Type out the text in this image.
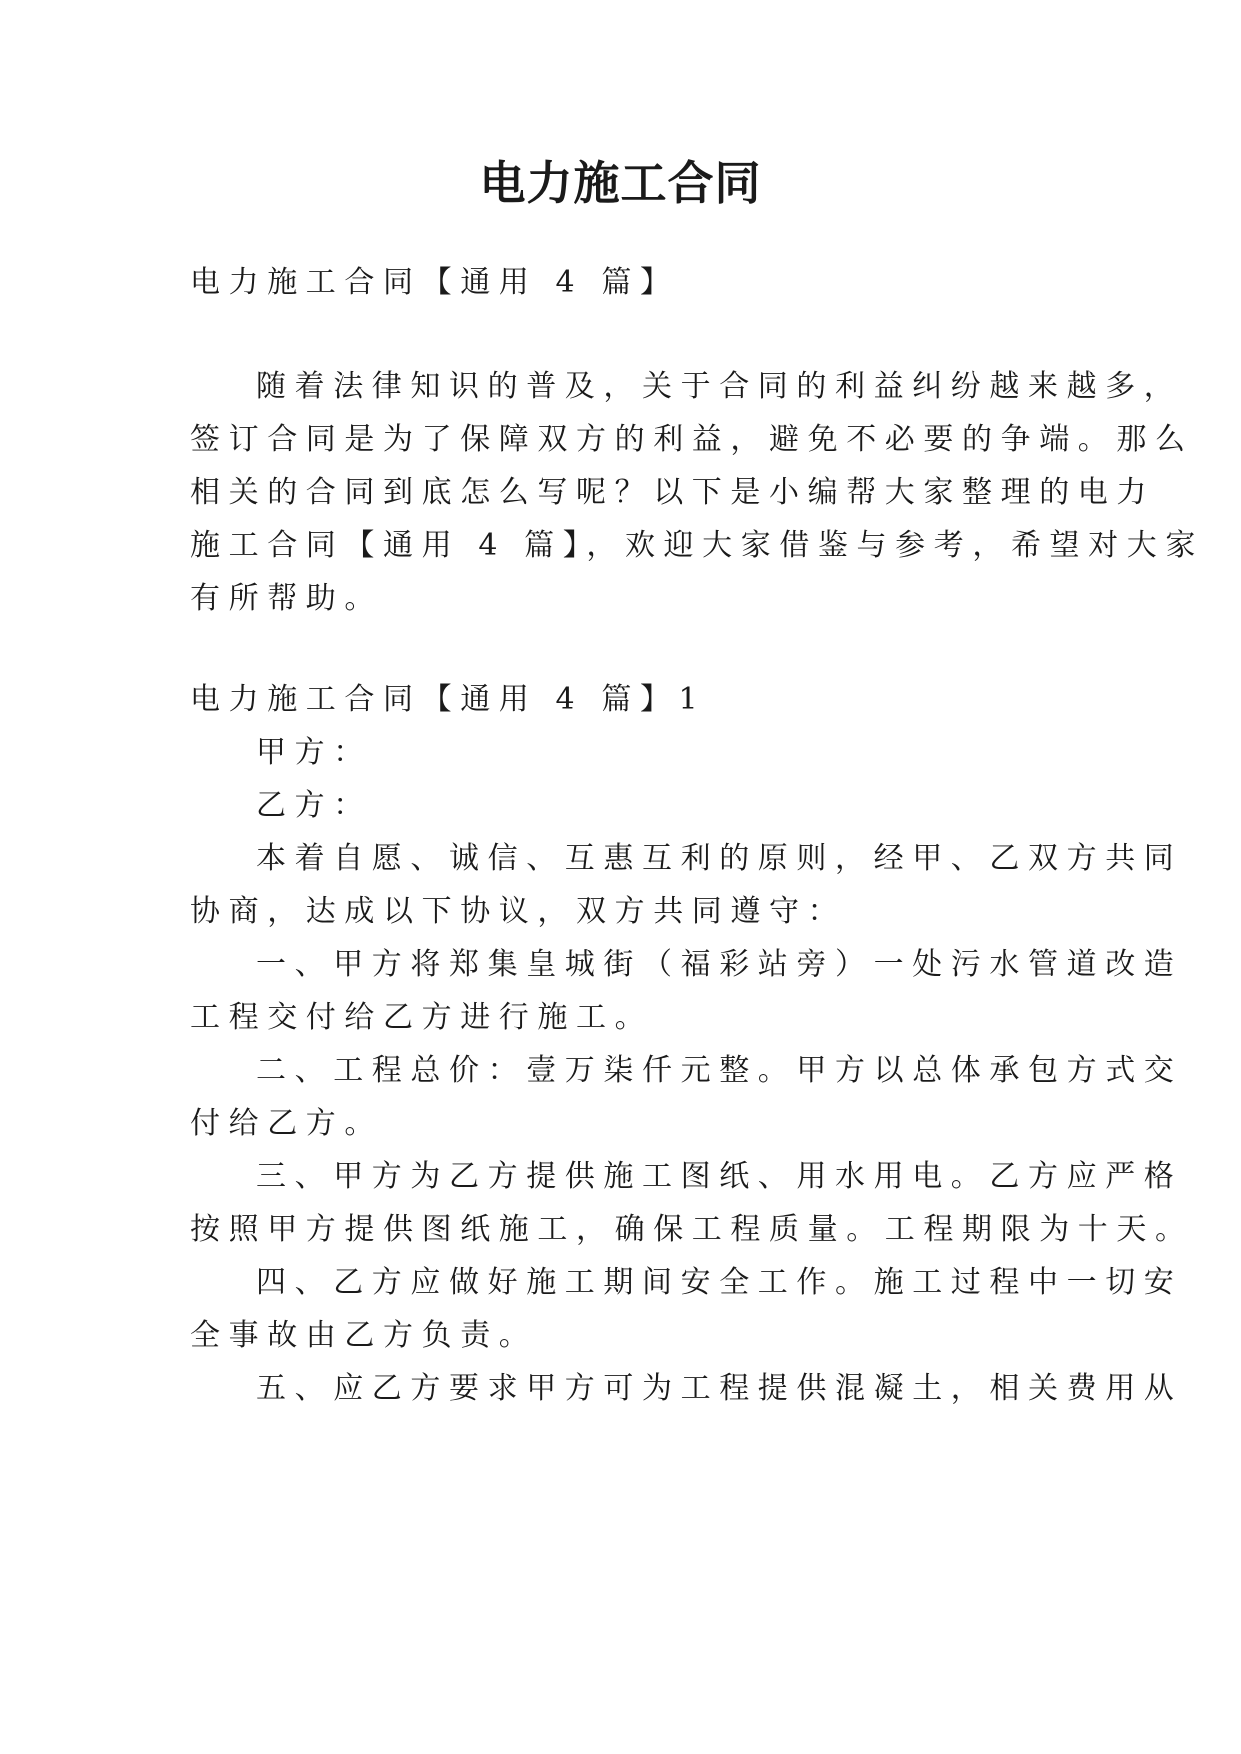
电力施工合同
电力施工合同【通用 4 篇】
随着法律知识的普及，关于合同的利益纠纷越来越多，
签订合同是为了保障双方的利益，避免不必要的争端。那么
相关的合同到底怎么写呢？以下是小编帮大家整理的电力
施工合同【通用 4 篇】，欢迎大家借鉴与参考，希望对大家
有所帮助。
电力施工合同【通用 4 篇】1
甲方：
乙方：
本着自愿、诚信、互惠互利的原则，经甲、乙双方共同
协商，达成以下协议，双方共同遵守：
一、甲方将郑集皇城街（福彩站旁）一处污水管道改造
工程交付给乙方进行施工。
二、工程总价：壹万柒仟元整。甲方以总体承包方式交
付给乙方。
三、甲方为乙方提供施工图纸、用水用电。乙方应严格
按照甲方提供图纸施工，确保工程质量。工程期限为十天。
四、乙方应做好施工期间安全工作。施工过程中一切安
全事故由乙方负责。
五、应乙方要求甲方可为工程提供混凝土，相关费用从
